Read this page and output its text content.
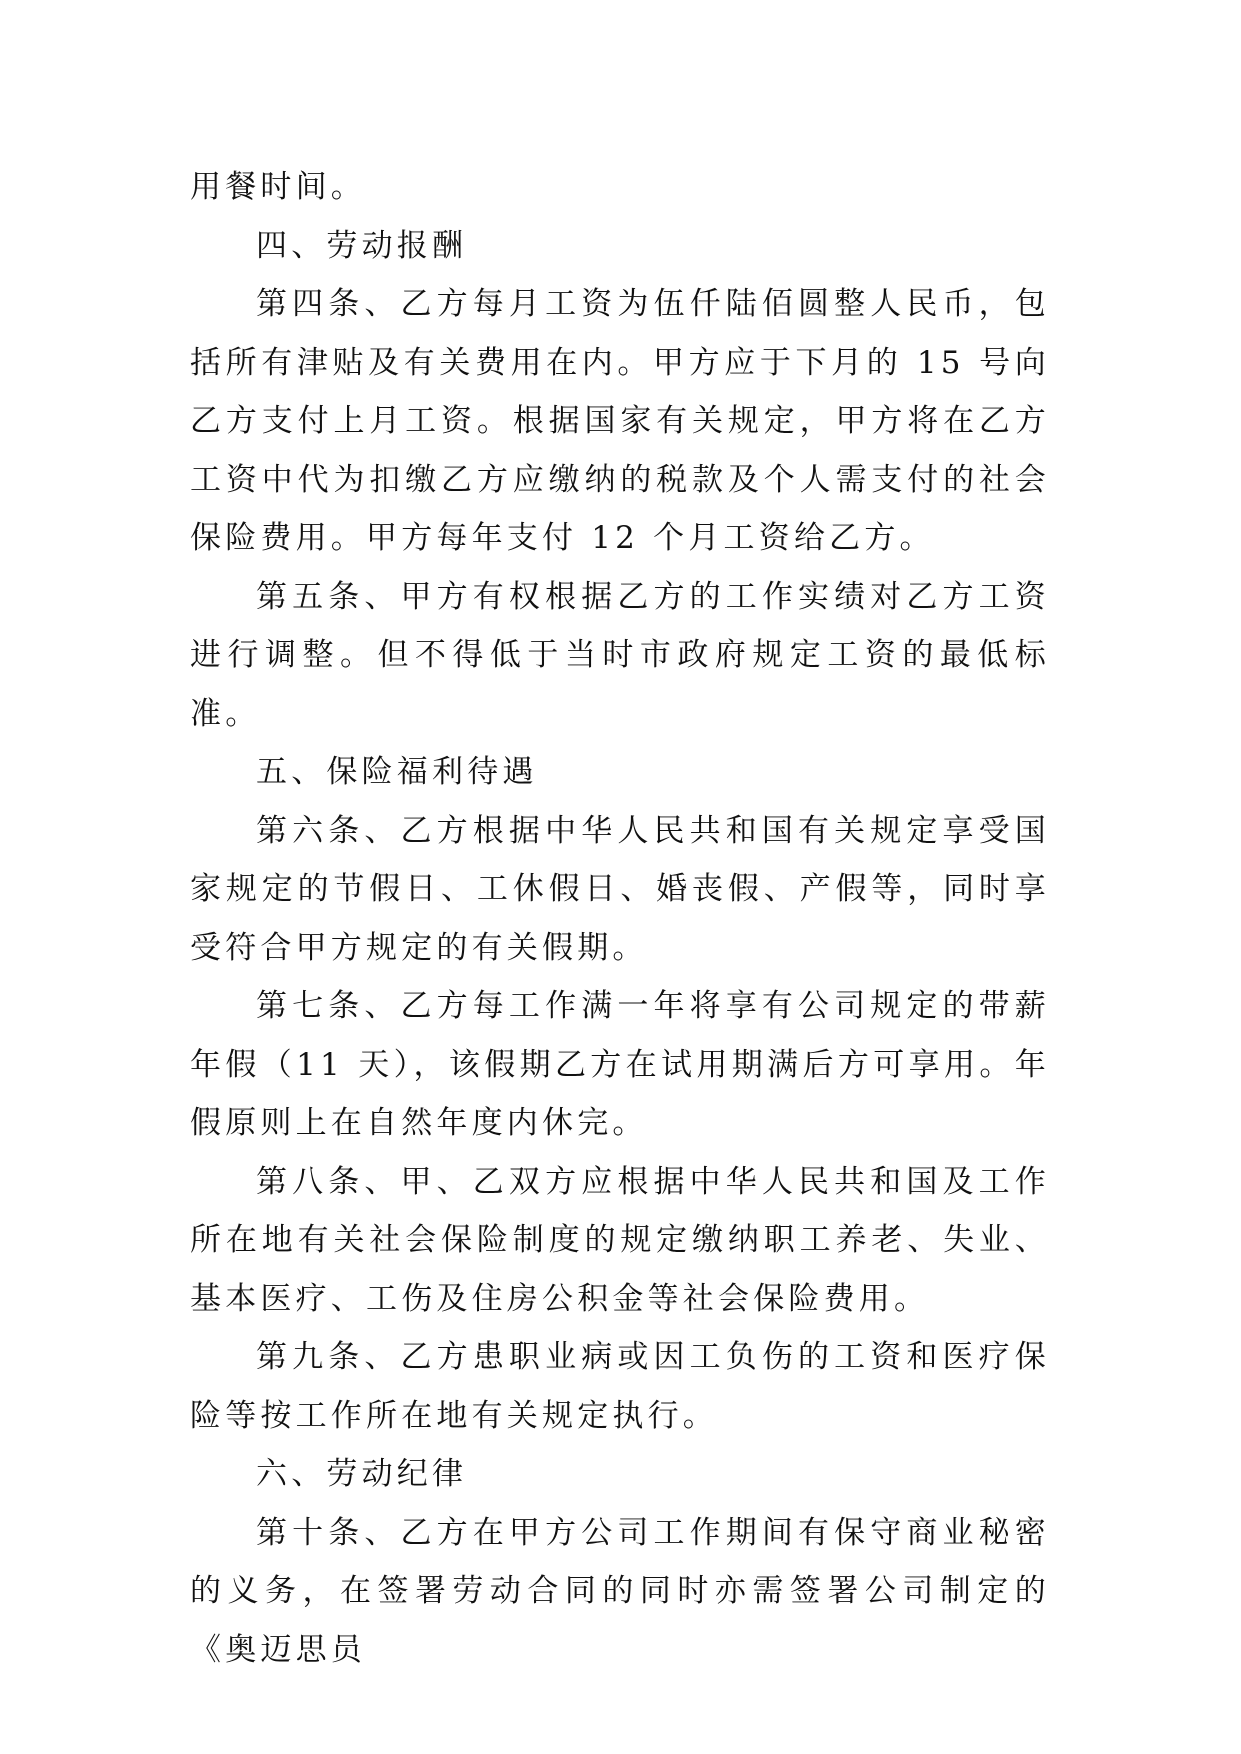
用餐时间。

四、劳动报酬

第四条、乙方每月工资为伍仟陆佰圆整人民币，包括所有津贴及有关费用在内。甲方应于下月的 15 号向乙方支付上月工资。根据国家有关规定，甲方将在乙方工资中代为扣缴乙方应缴纳的税款及个人需支付的社会保险费用。甲方每年支付 12 个月工资给乙方。

第五条、甲方有权根据乙方的工作实绩对乙方工资进行调整。但不得低于当时市政府规定工资的最低标准。

五、保险福利待遇

第六条、乙方根据中华人民共和国有关规定享受国家规定的节假日、工休假日、婚丧假、产假等，同时享受符合甲方规定的有关假期。

第七条、乙方每工作满一年将享有公司规定的带薪年假（11 天），该假期乙方在试用期满后方可享用。年假原则上在自然年度内休完。

第八条、甲、乙双方应根据中华人民共和国及工作所在地有关社会保险制度的规定缴纳职工养老、失业、基本医疗、工伤及住房公积金等社会保险费用。

第九条、乙方患职业病或因工负伤的工资和医疗保险等按工作所在地有关规定执行。

六、劳动纪律

第十条、乙方在甲方公司工作期间有保守商业秘密的义务，在签署劳动合同的同时亦需签署公司制定的《奥迈思员
